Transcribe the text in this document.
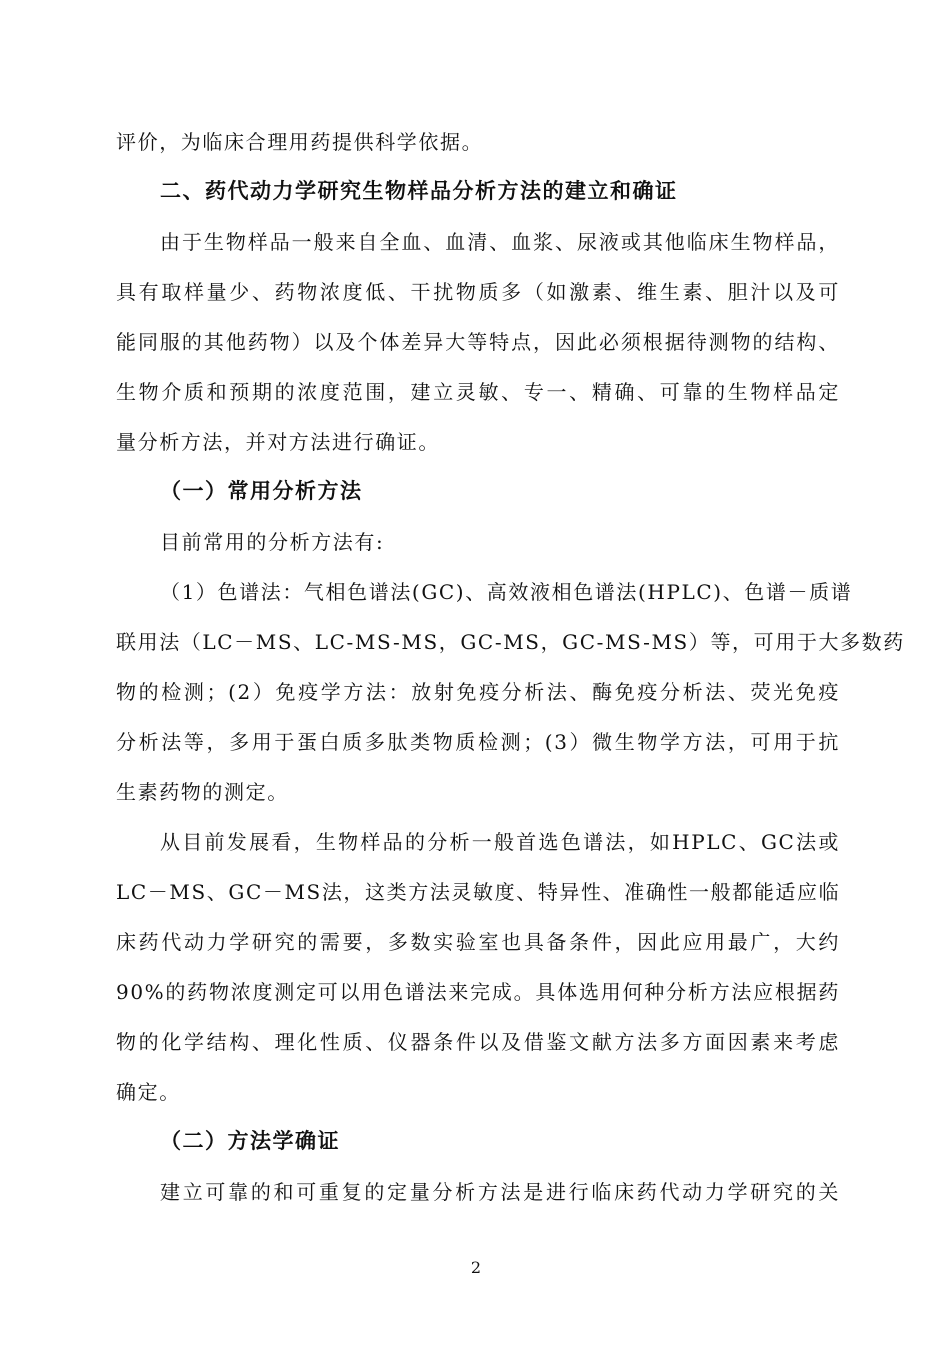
评价，为临床合理用药提供科学依据。
二、药代动力学研究生物样品分析方法的建立和确证
由于生物样品一般来自全血、血清、血浆、尿液或其他临床生物样品，
具有取样量少、药物浓度低、干扰物质多（如激素、维生素、胆汁以及可
能同服的其他药物）以及个体差异大等特点，因此必须根据待测物的结构、
生物介质和预期的浓度范围，建立灵敏、专一、精确、可靠的生物样品定
量分析方法，并对方法进行确证。
（一）常用分析方法
目前常用的分析方法有:
（1）色谱法：气相色谱法(GC)、高效液相色谱法(HPLC)、色谱－质谱
联用法（LC－MS、LC-MS-MS，GC-MS，GC-MS-MS）等，可用于大多数药
物的检测；(2）免疫学方法：放射免疫分析法、酶免疫分析法、荧光免疫
分析法等，多用于蛋白质多肽类物质检测；(3）微生物学方法，可用于抗
生素药物的测定。
从目前发展看，生物样品的分析一般首选色谱法，如HPLC、GC法或
LC－MS、GC－MS法，这类方法灵敏度、特异性、准确性一般都能适应临
床药代动力学研究的需要，多数实验室也具备条件，因此应用最广，大约
90%的药物浓度测定可以用色谱法来完成。具体选用何种分析方法应根据药
物的化学结构、理化性质、仪器条件以及借鉴文献方法多方面因素来考虑
确定。
（二）方法学确证
建立可靠的和可重复的定量分析方法是进行临床药代动力学研究的关
2
